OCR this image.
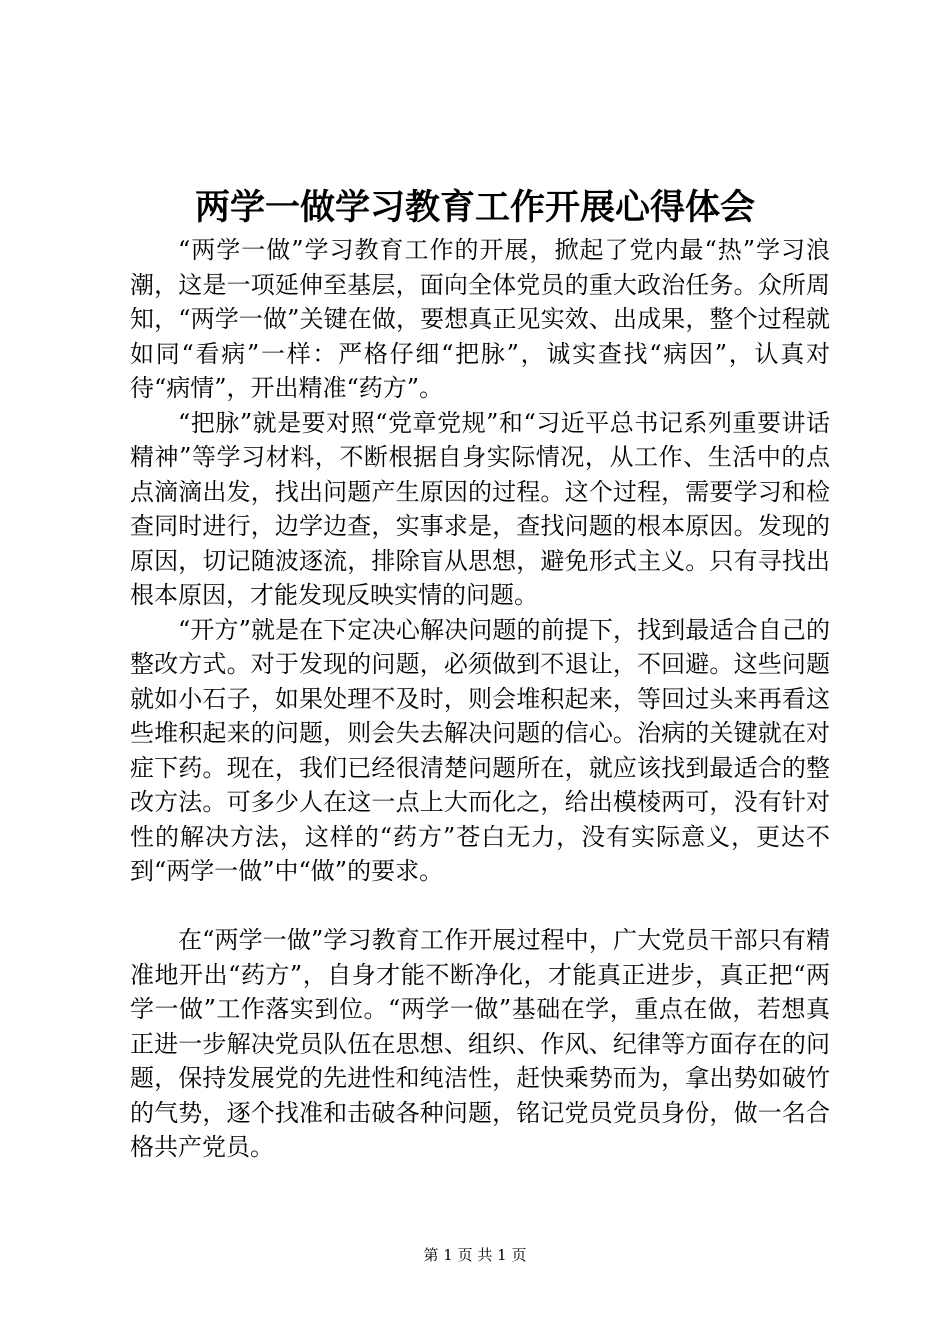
两学一做学习教育工作开展心得体会

“两学一做”学习教育工作的开展，掀起了党内最“热”学习浪潮，这是一项延伸至基层，面向全体党员的重大政治任务。众所周知，“两学一做”关键在做，要想真正见实效、出成果，整个过程就如同“看病”一样：严格仔细“把脉”，诚实查找“病因”，认真对待“病情”，开出精准“药方”。

“把脉”就是要对照“党章党规”和“习近平总书记系列重要讲话精神”等学习材料，不断根据自身实际情况，从工作、生活中的点点滴滴出发，找出问题产生原因的过程。这个过程，需要学习和检查同时进行，边学边查，实事求是，查找问题的根本原因。发现的原因，切记随波逐流，排除盲从思想，避免形式主义。只有寻找出根本原因，才能发现反映实情的问题。

“开方”就是在下定决心解决问题的前提下，找到最适合自己的整改方式。对于发现的问题，必须做到不退让，不回避。这些问题就如小石子，如果处理不及时，则会堆积起来，等回过头来再看这些堆积起来的问题，则会失去解决问题的信心。治病的关键就在对症下药。现在，我们已经很清楚问题所在，就应该找到最适合的整改方法。可多少人在这一点上大而化之，给出模棱两可，没有针对性的解决方法，这样的“药方”苍白无力，没有实际意义，更达不到“两学一做”中“做”的要求。

在“两学一做”学习教育工作开展过程中，广大党员干部只有精准地开出“药方”，自身才能不断净化，才能真正进步，真正把“两学一做”工作落实到位。“两学一做”基础在学，重点在做，若想真正进一步解决党员队伍在思想、组织、作风、纪律等方面存在的问题，保持发展党的先进性和纯洁性，赶快乘势而为，拿出势如破竹的气势，逐个找准和击破各种问题，铭记党员党员身份，做一名合格共产党员。

第 1 页 共 1 页
